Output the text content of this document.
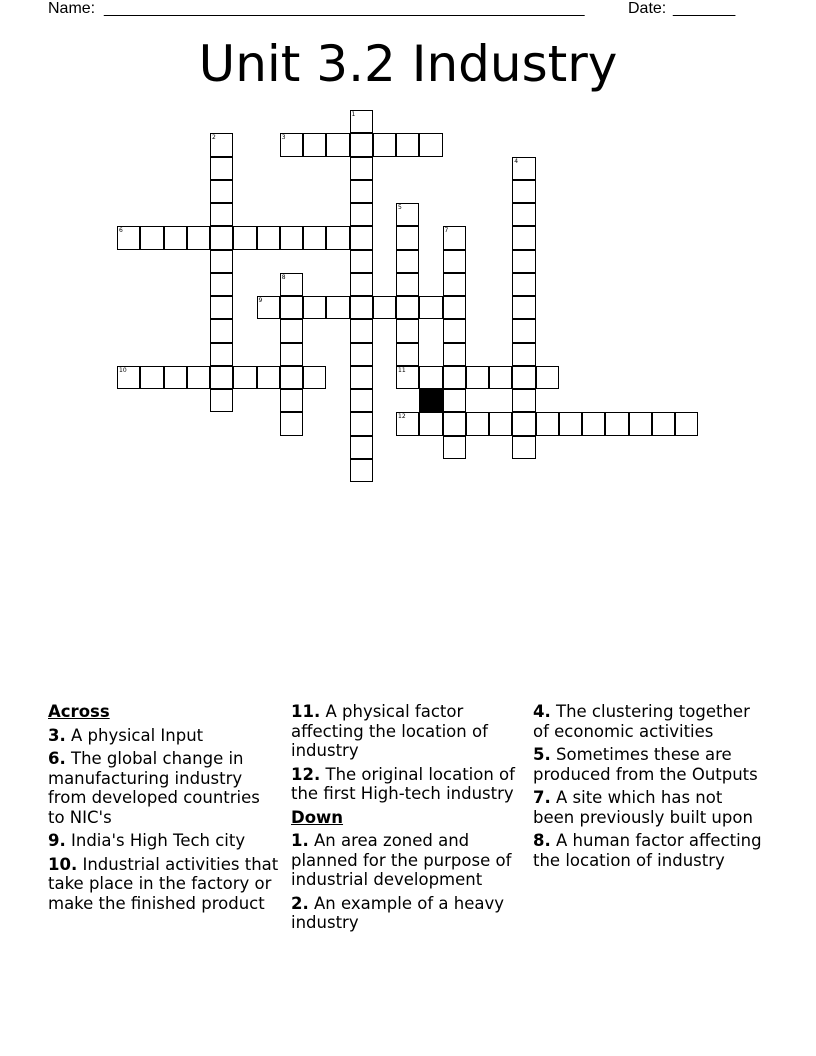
Name: ______________________________________________________	Date: _______
Unit 3.2 Industry
1
2	3
4
5
11
6	7
8
9
10
12
Across
3. A physical Input
6. The global change in manufacturing industry from developed countries to NIC's
9. India's High Tech city
10. Industrial activities that take place in the factory or make the finished product
11. A physical factor affecting the location of industry
12. The original location of the first High-tech industry
Down
1. An area zoned and planned for the purpose of industrial development
2. An example of a heavy industry
4. The clustering together of economic activities
5. Sometimes these are produced from the Outputs
7. A site which has not been previously built upon
8. A human factor affecting the location of industry
